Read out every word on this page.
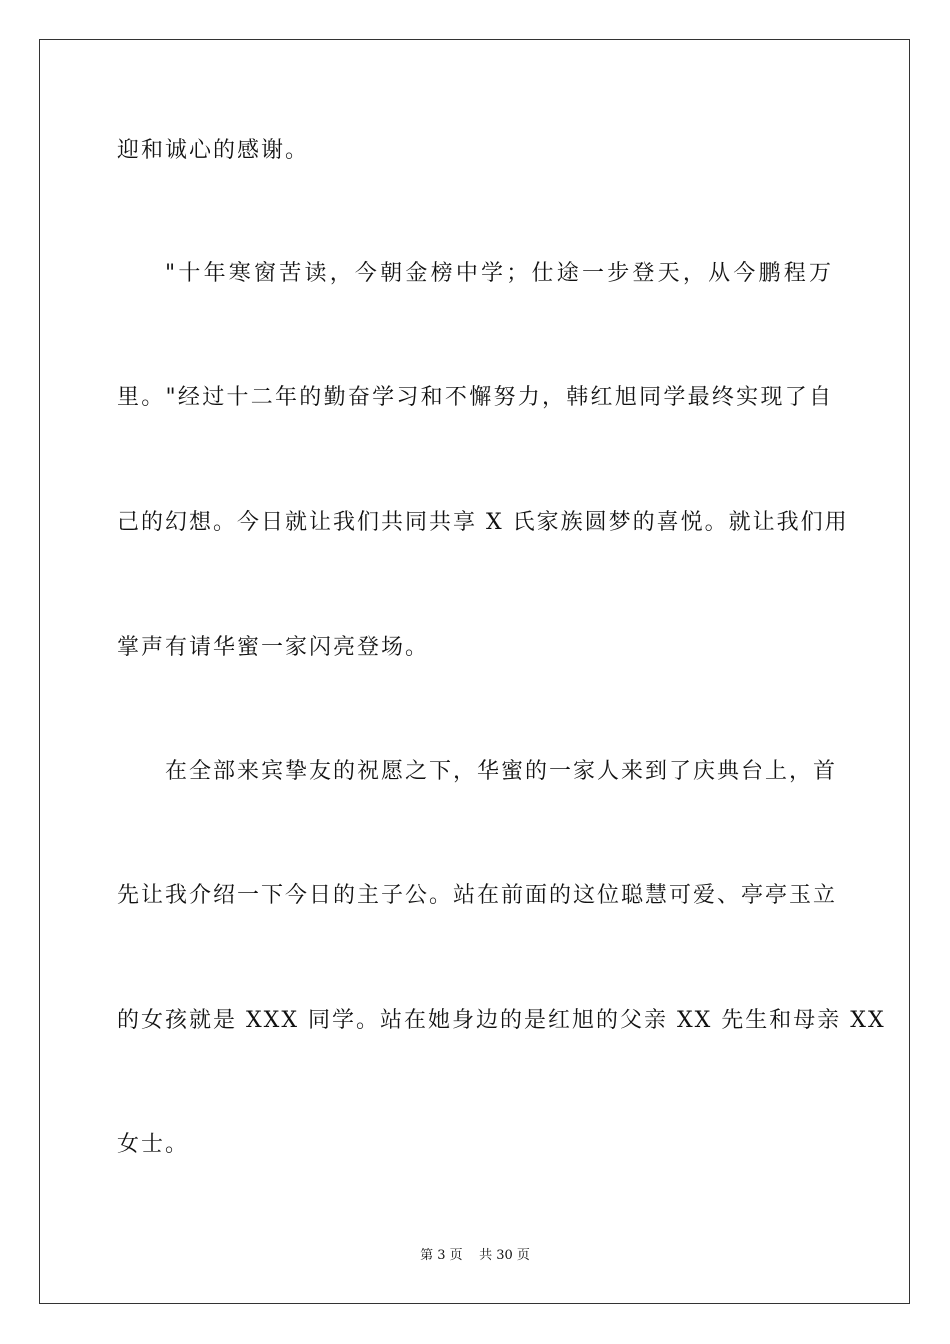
迎和诚心的感谢。
"十年寒窗苦读，今朝金榜中学；仕途一步登天，从今鹏程万
里。"经过十二年的勤奋学习和不懈努力，韩红旭同学最终实现了自
己的幻想。今日就让我们共同共享 X 氏家族圆梦的喜悦。就让我们用
掌声有请华蜜一家闪亮登场。
在全部来宾挚友的祝愿之下，华蜜的一家人来到了庆典台上，首
先让我介绍一下今日的主子公。站在前面的这位聪慧可爱、亭亭玉立
的女孩就是 XXX 同学。站在她身边的是红旭的父亲 XX 先生和母亲 XX
女士。
第 3 页    共 30 页
